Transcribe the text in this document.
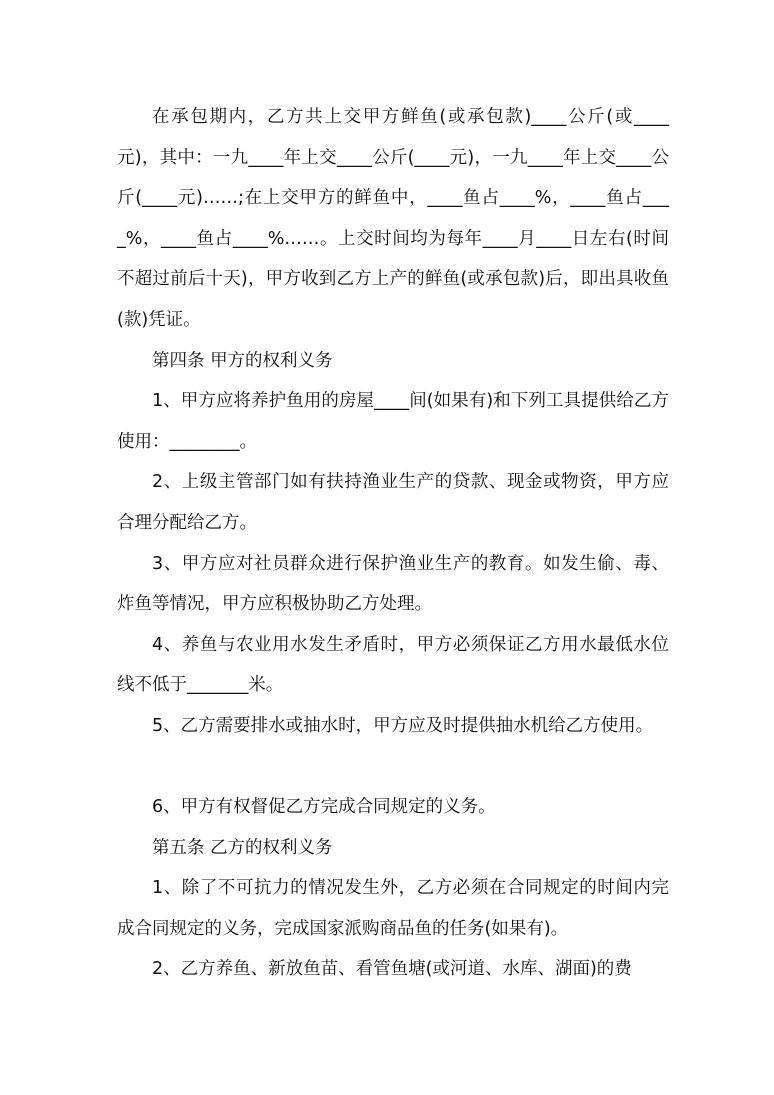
在承包期内，乙方共上交甲方鲜鱼(或承包款)____公斤(或____元)，其中：一九____年上交____公斤(____元)，一九____年上交____公斤(____元)……;在上交甲方的鲜鱼中，____鱼占____%，____鱼占____%，____鱼占____%……。上交时间均为每年____月____日左右(时间不超过前后十天)，甲方收到乙方上产的鲜鱼(或承包款)后，即出具收鱼(款)凭证。

第四条 甲方的权利义务

1、甲方应将养护鱼用的房屋____间(如果有)和下列工具提供给乙方使用：________。

2、上级主管部门如有扶持渔业生产的贷款、现金或物资，甲方应合理分配给乙方。

3、甲方应对社员群众进行保护渔业生产的教育。如发生偷、毒、炸鱼等情况，甲方应积极协助乙方处理。

4、养鱼与农业用水发生矛盾时，甲方必须保证乙方用水最低水位线不低于_______米。

5、乙方需要排水或抽水时，甲方应及时提供抽水机给乙方使用。

6、甲方有权督促乙方完成合同规定的义务。

第五条 乙方的权利义务

1、除了不可抗力的情况发生外，乙方必须在合同规定的时间内完成合同规定的义务，完成国家派购商品鱼的任务(如果有)。

2、乙方养鱼、新放鱼苗、看管鱼塘(或河道、水库、湖面)的费
